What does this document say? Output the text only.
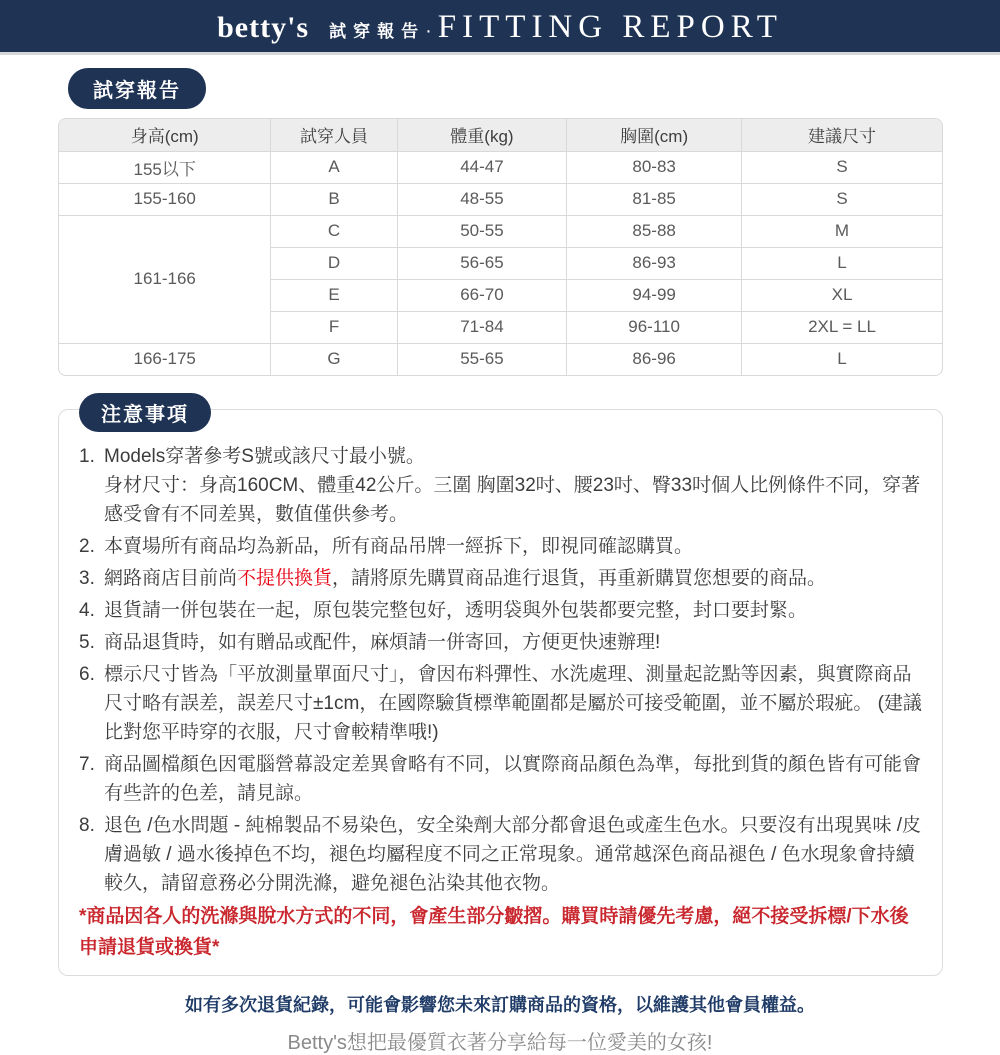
betty's 試穿報告 · FITTING REPORT
試穿報告
身高(cm)	試穿人員	體重(kg)	胸圍(cm)	建議尺寸
155以下	A	44-47	80-83	S
155-160	B	48-55	81-85	S
161-166	C	50-55	85-88	M
	D	56-65	86-93	L
	E	66-70	94-99	XL
	F	71-84	96-110	2XL = LL
166-175	G	55-65	86-96	L
注意事項
1. Models穿著參考S號或該尺寸最小號。
身材尺寸：身高160CM、體重42公斤。三圍 胸圍32吋、腰23吋、臀33吋個人比例條件不同，穿著感受會有不同差異，數值僅供參考。
2. 本賣場所有商品均為新品，所有商品吊牌一經拆下，即視同確認購買。
3. 網路商店目前尚不提供換貨，請將原先購買商品進行退貨，再重新購買您想要的商品。
4. 退貨請一併包裝在一起，原包裝完整包好，透明袋與外包裝都要完整，封口要封緊。
5. 商品退貨時，如有贈品或配件，麻煩請一併寄回，方便更快速辦理!
6. 標示尺寸皆為「平放測量單面尺寸」，會因布料彈性、水洗處理、測量起訖點等因素，與實際商品尺寸略有誤差，誤差尺寸±1cm，在國際驗貨標準範圍都是屬於可接受範圍，並不屬於瑕疵。 (建議比對您平時穿的衣服，尺寸會較精準哦!)
7. 商品圖檔顏色因電腦營幕設定差異會略有不同，以實際商品顏色為準，每批到貨的顏色皆有可能會有些許的色差，請見諒。
8. 退色 /色水問題 - 純棉製品不易染色，安全染劑大部分都會退色或產生色水。只要沒有出現異味 /皮膚過敏 / 過水後掉色不均，褪色均屬程度不同之正常現象。通常越深色商品褪色 / 色水現象會持續較久，請留意務必分開洗滌，避免褪色沾染其他衣物。
*商品因各人的洗滌與脫水方式的不同，會產生部分皺摺。購買時請優先考慮，絕不接受拆標/下水後申請退貨或換貨*
如有多次退貨紀錄，可能會影響您未來訂購商品的資格，以維護其他會員權益。
Betty's想把最優質衣著分享給每一位愛美的女孩!
